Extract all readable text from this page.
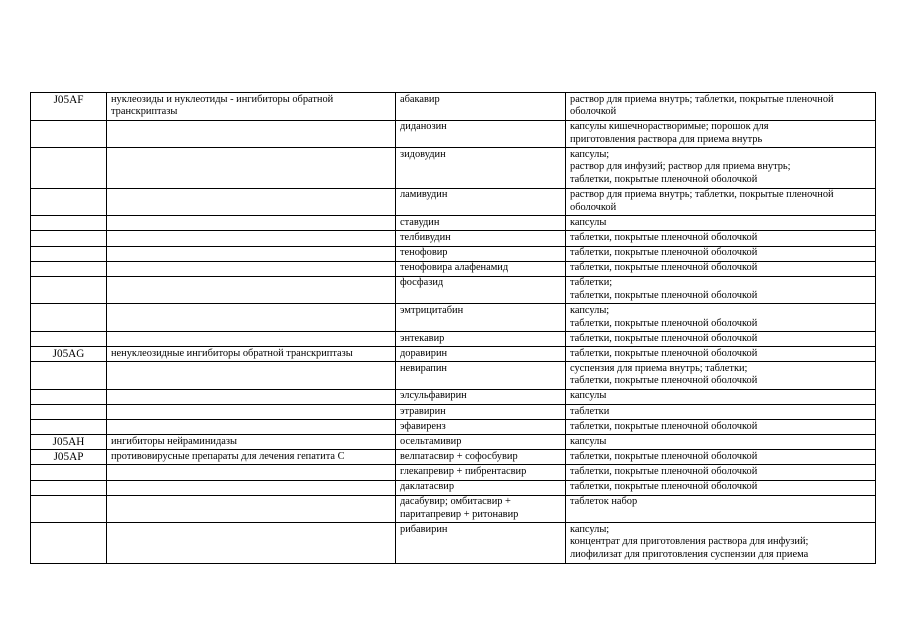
J05AF	нуклеозиды и нуклеотиды - ингибиторы обратной транскриптазы	абакавир	раствор для приема внутрь; таблетки, покрытые пленочной
оболочкой

		диданозин	капсулы кишечнорастворимые; порошок для
приготовления раствора для приема внутрь

		зидовудин	капсулы;
раствор для инфузий; раствор для приема внутрь;
таблетки, покрытые пленочной оболочкой

		ламивудин	раствор для приема внутрь; таблетки, покрытые пленочной
оболочкой

		ставудин	капсулы

		телбивудин	таблетки, покрытые пленочной оболочкой

		тенофовир	таблетки, покрытые пленочной оболочкой

		тенофовира алафенамид	таблетки, покрытые пленочной оболочкой

		фосфазид	таблетки;
таблетки, покрытые пленочной оболочкой

		эмтрицитабин	капсулы;
таблетки, покрытые пленочной оболочкой

		энтекавир	таблетки, покрытые пленочной оболочкой

J05AG	ненуклеозидные ингибиторы обратной транскриптазы	доравирин	таблетки, покрытые пленочной оболочкой

		невирапин	суспензия для приема внутрь; таблетки;
таблетки, покрытые пленочной оболочкой

		элсульфавирин	капсулы

		этравирин	таблетки

		эфавиренз	таблетки, покрытые пленочной оболочкой

J05AH	ингибиторы нейраминидазы	осельтамивир	капсулы

J05AP	противовирусные препараты для лечения гепатита C	велпатасвир + софосбувир	таблетки, покрытые пленочной оболочкой

		глекапревир + пибрентасвир	таблетки, покрытые пленочной оболочкой

		даклатасвир	таблетки, покрытые пленочной оболочкой

		дасабувир; омбитасвир +
паритапревир + ритонавир	таблеток набор

		рибавирин	капсулы;
концентрат для приготовления раствора для инфузий;
лиофилизат для приготовления суспензии для приема
